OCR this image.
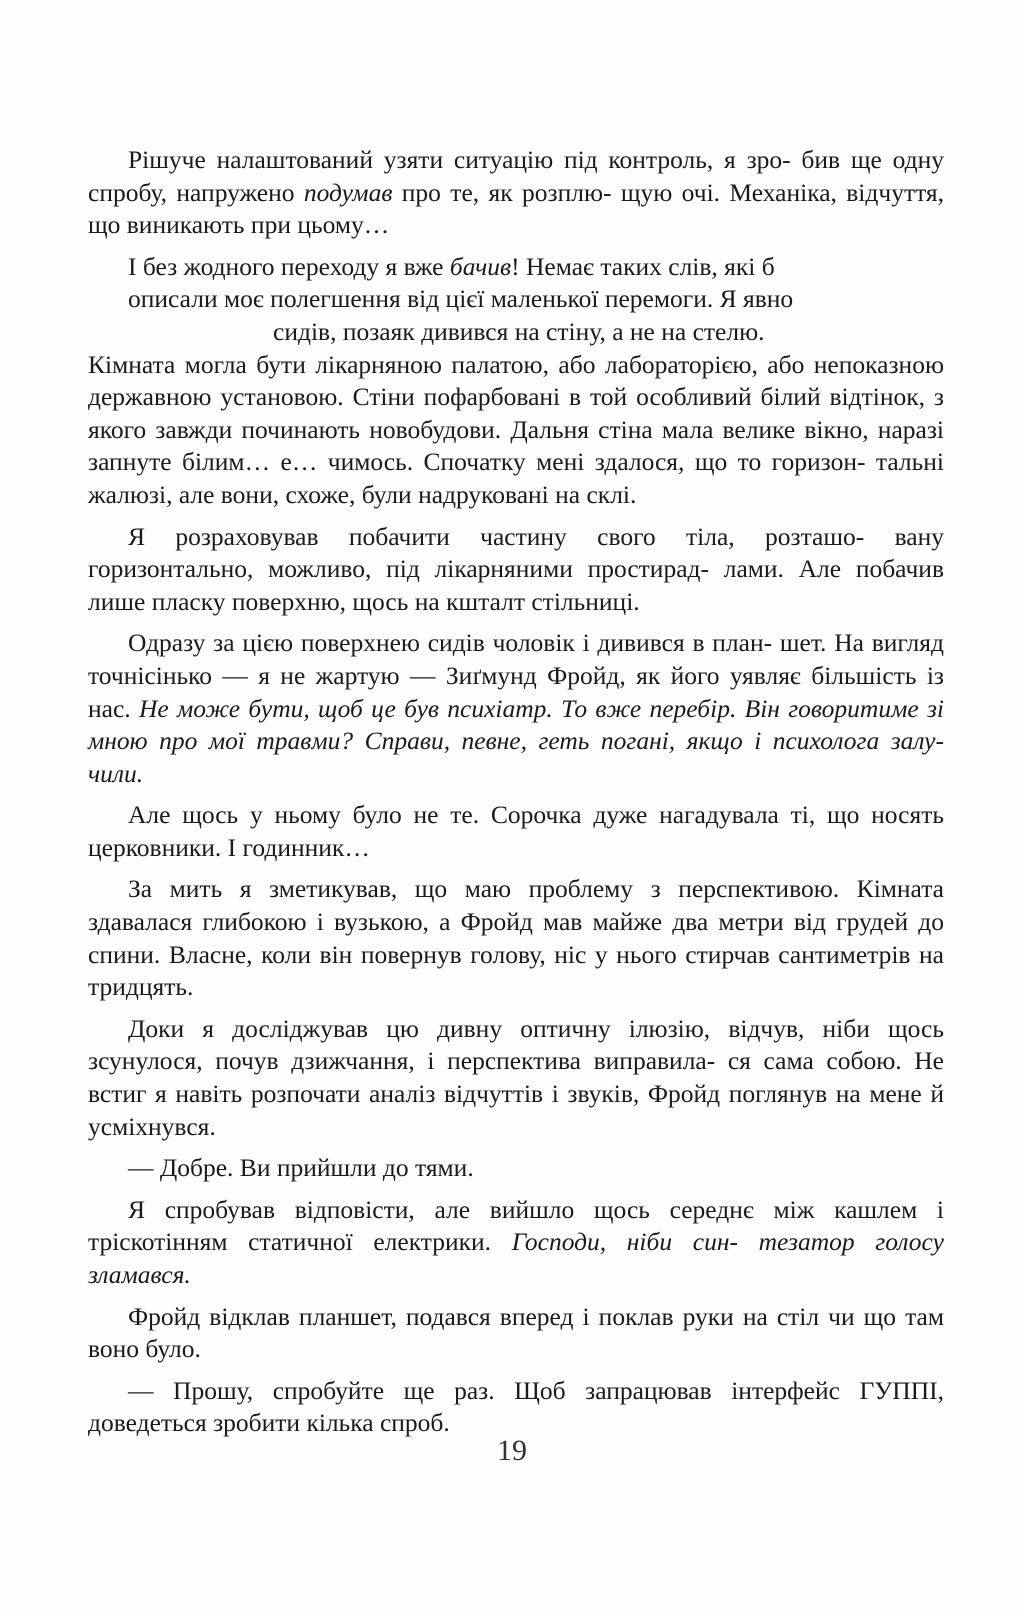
Рішуче налаштований узяти ситуацію під контроль, я зро- бив ще одну спробу, напружено подумав про те, як розплю- щую очі. Механіка, відчуття, що виникають при цьому…

І без жодного переходу я вже бачив! Немає таких слів, які б
описали моє полегшення від цієї маленької перемоги. Я явно
сидів, позаяк дивився на стіну, а не на стелю.
Кімната могла бути лікарняною палатою, або лабораторією, або непоказною державною установою. Стіни пофарбовані в той особливий білий відтінок, з якого завжди починають новобудови. Дальня стіна мала велике вікно, наразі запнуте білим… е… чимось. Спочатку мені здалося, що то горизон- тальні жалюзі, але вони, схоже, були надруковані на склі.

Я розраховував побачити частину свого тіла, розташо- вану горизонтально, можливо, під лікарняними простирад- лами. Але побачив лише пласку поверхню, щось на кшталт стільниці.

Одразу за цією поверхнею сидів чоловік і дивився в план- шет. На вигляд точнісінько — я не жартую — Зиґмунд Фройд, як його уявляє більшість із нас. Не може бути, щоб це був психіатр. То вже перебір. Він говоритиме зі мною про мої травми? Справи, певне, геть погані, якщо і психолога залу- чили.

Але щось у ньому було не те. Сорочка дуже нагадувала ті, що носять церковники. І годинник…

За мить я зметикував, що маю проблему з перспективою. Кімната здавалася глибокою і вузькою, а Фройд мав майже два метри від грудей до спини. Власне, коли він повернув голову, ніс у нього стирчав сантиметрів на тридцять.

Доки я досліджував цю дивну оптичну ілюзію, відчув, ніби щось зсунулося, почув дзижчання, і перспектива виправила- ся сама собою. Не встиг я навіть розпочати аналіз відчуттів і звуків, Фройд поглянув на мене й усміхнувся.

— Добре. Ви прийшли до тями.

Я спробував відповісти, але вийшло щось середнє між кашлем і тріскотінням статичної електрики. Господи, ніби син- тезатор голосу зламався.

Фройд відклав планшет, подався вперед і поклав руки на стіл чи що там воно було.

— Прошу, спробуйте ще раз. Щоб запрацював інтерфейс ГУППІ, доведеться зробити кілька спроб.

19
